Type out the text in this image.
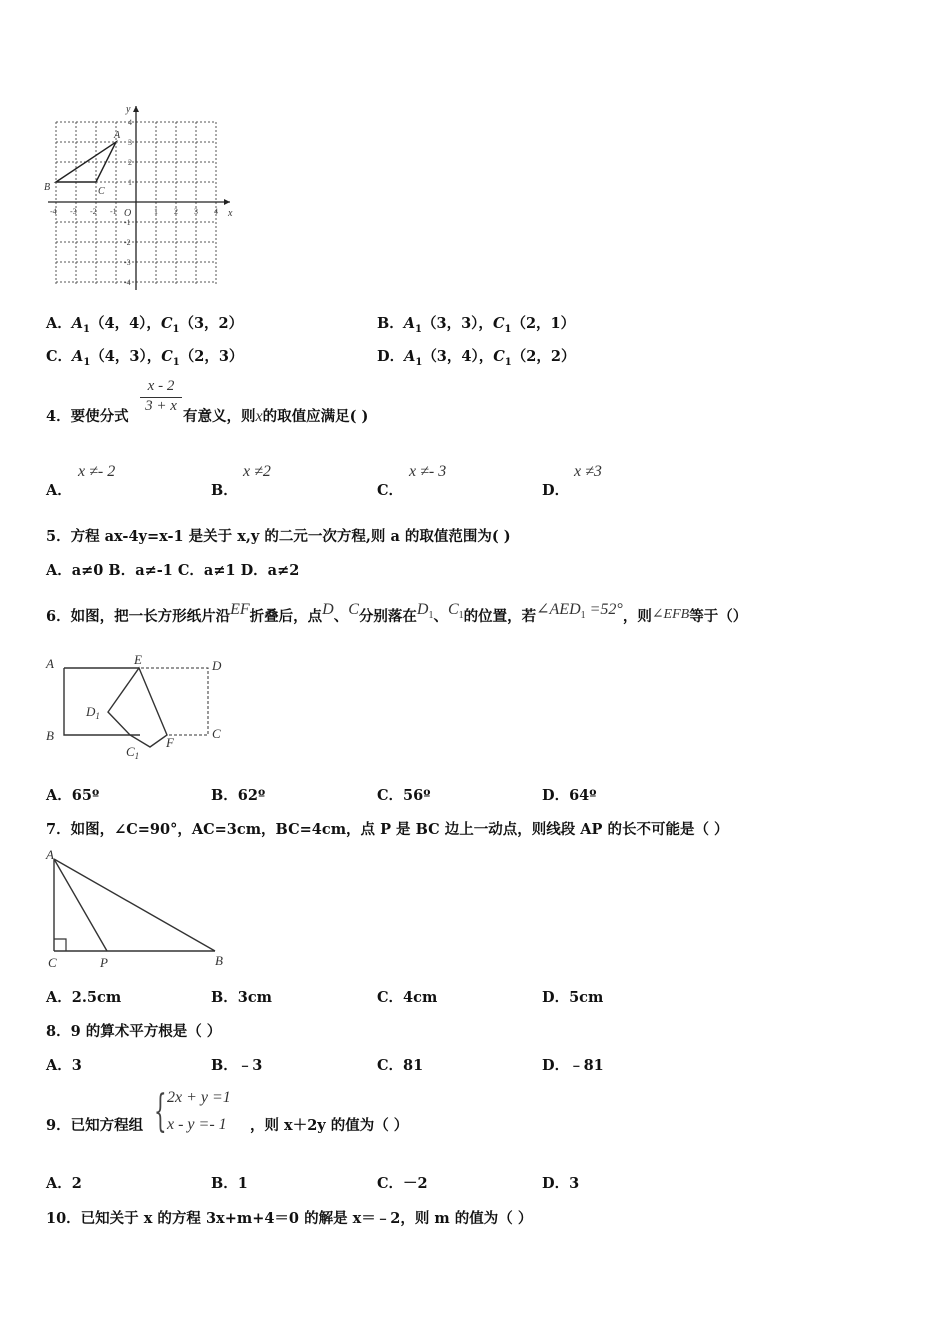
y
x
O
B	C
A
-4 -3 -2 -1	1 2 3 4
4
3
2
1
-1
-2
-3
-4
A．$A_1(4$，4），$C_1(3$，2）	B．$A_1(3$，3），$C_1(2$，1）
C．$A_1(4$，3），$C_1(2$，3）	D．$A_1(3$，4），$C_1(2$，2）
4．要使分式
x - 2
3 + x
有意义，则x的取值应满足( )
A．
x ≠- 2
B．
x ≠2
C．
x ≠- 3
D．
x ≠3
5．方程 ax-4y=x-1 是关于 x,y 的二元一次方程,则 a 的取值范围为( )
A．a≠0 B．a≠-1 C．a≠1 D．a≠2
6．如图，把一长方形纸片沿EF折叠后，点D、C分别落在$D_1$、$C_1$的位置，若$\angle AED_1 =52^\circ$，则∠EFB等于（）
A	E	D
$D_1$
B
$C_1$
F
C
A．65º	B．62º	C．56º	D．64º
7．如图，∠C=90°，AC=3cm，BC=4cm，点 P 是 BC 边上一动点，则线段 AP 的长不可能是（ ）
A
C	P	B
A．2.5cm	B．3cm	C．4cm	D．5cm
8．9 的算术平方根是（ ）
A．3	B．﹣3	C．81	D．﹣81
9．已知方程组 { 2x + y =1
x - y =- 1 ，则 x＋2y 的值为（ ）
A．2	B．1	C．－2	D．3
10．已知关于 x 的方程 3x+m+4＝0 的解是 x＝﹣2，则 m 的值为（ ）
